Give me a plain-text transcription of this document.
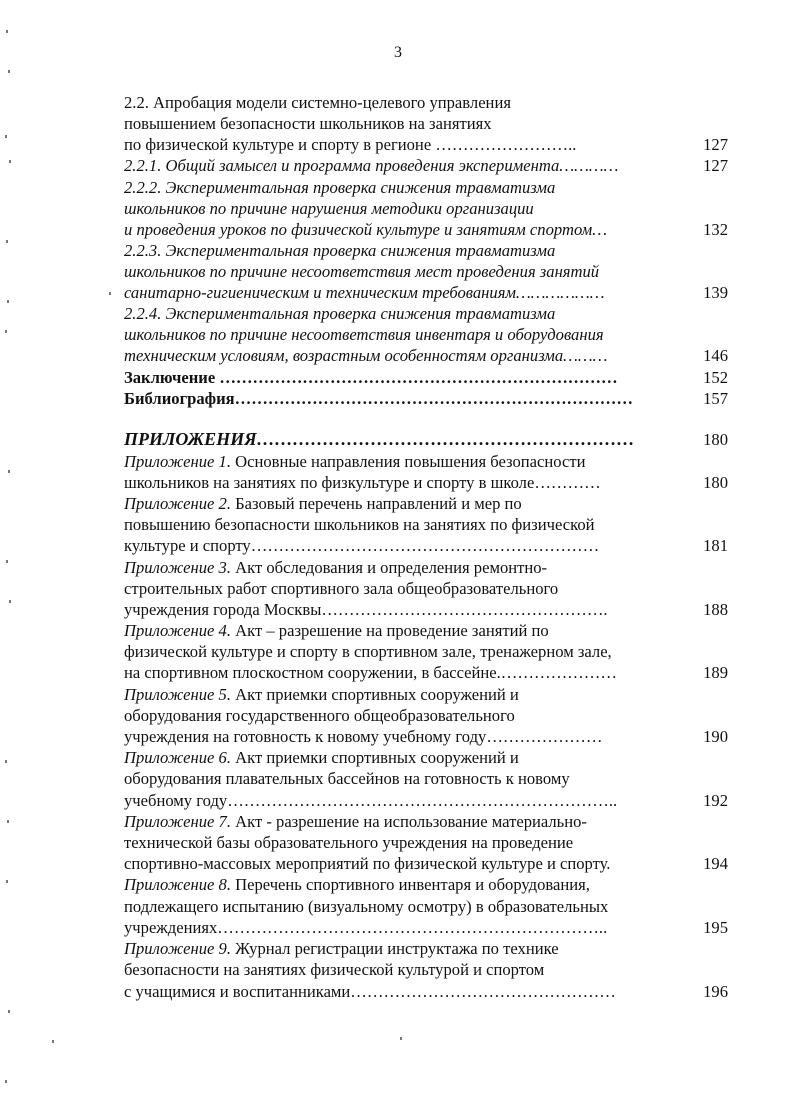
3
2.2. Апробация модели системно-целевого управления
повышением безопасности школьников на занятиях
по физической культуре и спорту в регионе ……………………..	127
2.2.1. Общий замысел и программа проведения эксперимента…………	127
2.2.2. Экспериментальная проверка снижения травматизма
школьников по причине нарушения методики организации
и проведения уроков по физической культуре и занятиям спортом…	132
2.2.3. Экспериментальная проверка снижения травматизма
школьников по причине несоответствия мест проведения занятий
санитарно-гигиеническим и техническим требованиям………………	139
2.2.4. Экспериментальная проверка снижения травматизма
школьников по причине несоответствия инвентаря и оборудования
техническим условиям, возрастным особенностям организма………	146
Заключение ………………………………………………………………	152
Библиография………………………………………………………………	157
ПРИЛОЖЕНИЯ………………………………………………………	180
Приложение 1. Основные направления повышения безопасности
школьников на занятиях по физкультуре и спорту в школе…………	180
Приложение 2. Базовый перечень направлений и мер по
повышению безопасности школьников на занятиях по физической
культуре и спорту………………………………………………………	181
Приложение 3. Акт обследования и определения ремонтно-
строительных работ спортивного зала общеобразовательного
учреждения города Москвы…………………………………………….	188
Приложение 4. Акт – разрешение на проведение занятий по
физической культуре и спорту в спортивном зале, тренажерном зале,
на спортивном плоскостном сооружении, в бассейне.…………………	189
Приложение 5. Акт приемки спортивных сооружений и
оборудования государственного общеобразовательного
учреждения на готовность к новому учебному году…………………	190
Приложение 6. Акт приемки спортивных сооружений и
оборудования плавательных бассейнов на готовность к новому
учебному году……………………………………………………………..	192
Приложение 7. Акт - разрешение на использование материально-
технической базы образовательного учреждения на проведение
спортивно-массовых мероприятий по физической культуре и спорту.	194
Приложение 8. Перечень спортивного инвентаря и оборудования,
подлежащего испытанию (визуальному осмотру) в образовательных
учреждениях……………………………………………………………..	195
Приложение 9. Журнал регистрации инструктажа по технике
безопасности на занятиях физической культурой и спортом
с учащимися и воспитанниками…………………………………………	196
